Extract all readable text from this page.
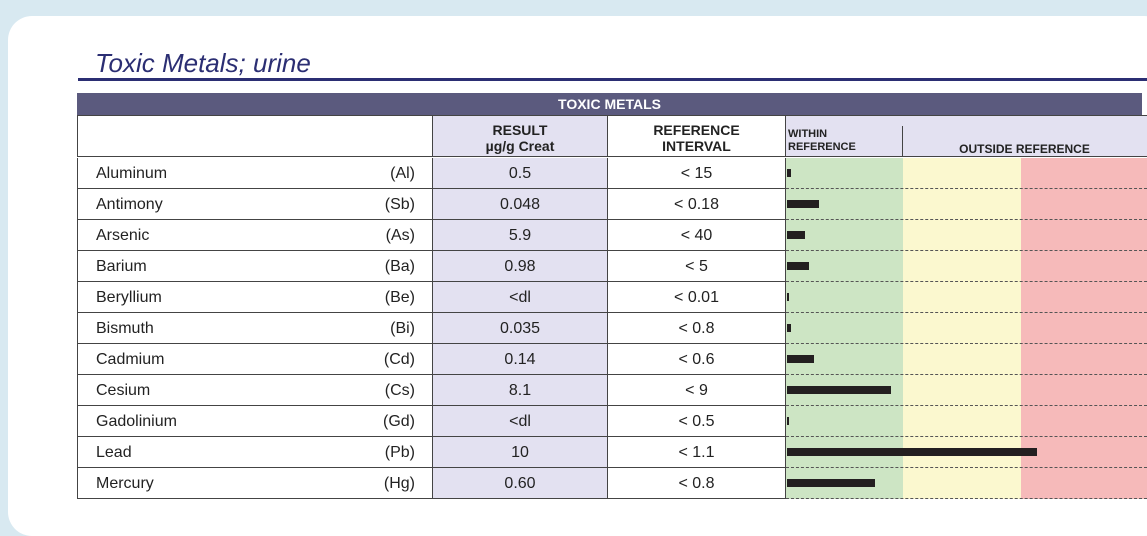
Toxic Metals; urine
TOXIC METALS
RESULT
µg/g Creat
REFERENCE
INTERVAL
WITHIN
REFERENCE	OUTSIDE REFERENCE
Aluminum	(Al)	0.5	< 15
Antimony	(Sb)	0.048	< 0.18
Arsenic	(As)	5.9	< 40
Barium	(Ba)	0.98	< 5
Beryllium	(Be)	<dl	< 0.01
Bismuth	(Bi)	0.035	< 0.8
Cadmium	(Cd)	0.14	< 0.6
Cesium	(Cs)	8.1	< 9
Gadolinium	(Gd)	<dl	< 0.5
Lead	(Pb)	10	< 1.1
Mercury	(Hg)	0.60	< 0.8
